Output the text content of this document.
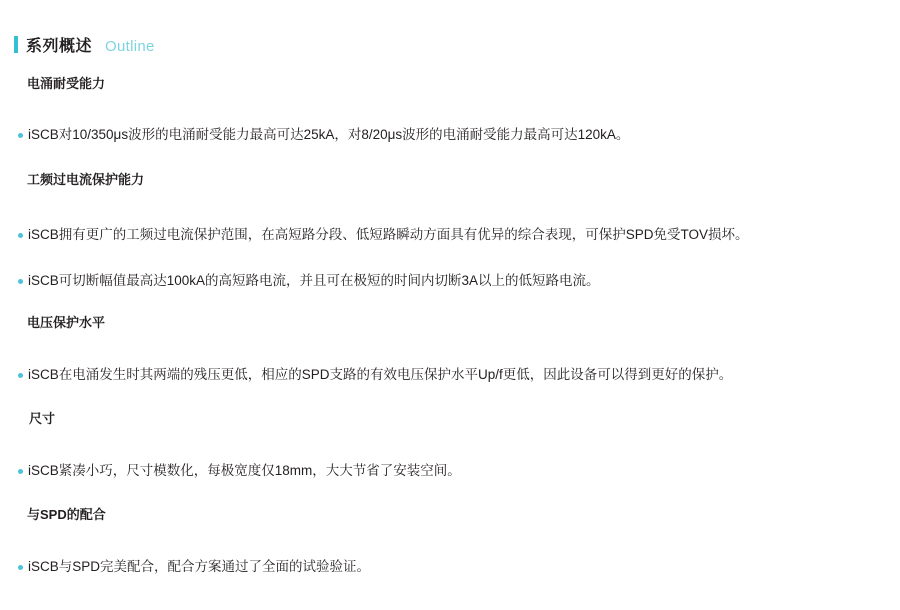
系列概述 Outline
电涌耐受能力
iSCB对10/350μs波形的电涌耐受能力最高可达25kA，对8/20μs波形的电涌耐受能力最高可达120kA。
工频过电流保护能力
iSCB拥有更广的工频过电流保护范围，在高短路分段、低短路瞬动方面具有优异的综合表现，可保护SPD免受TOV损坏。
iSCB可切断幅值最高达100kA的高短路电流，并且可在极短的时间内切断3A以上的低短路电流。
电压保护水平
iSCB在电涌发生时其两端的残压更低，相应的SPD支路的有效电压保护水平Up/f更低，因此设备可以得到更好的保护。
尺寸
iSCB紧凑小巧，尺寸模数化，每极宽度仅18mm，大大节省了安装空间。
与SPD的配合
iSCB与SPD完美配合，配合方案通过了全面的试验验证。
